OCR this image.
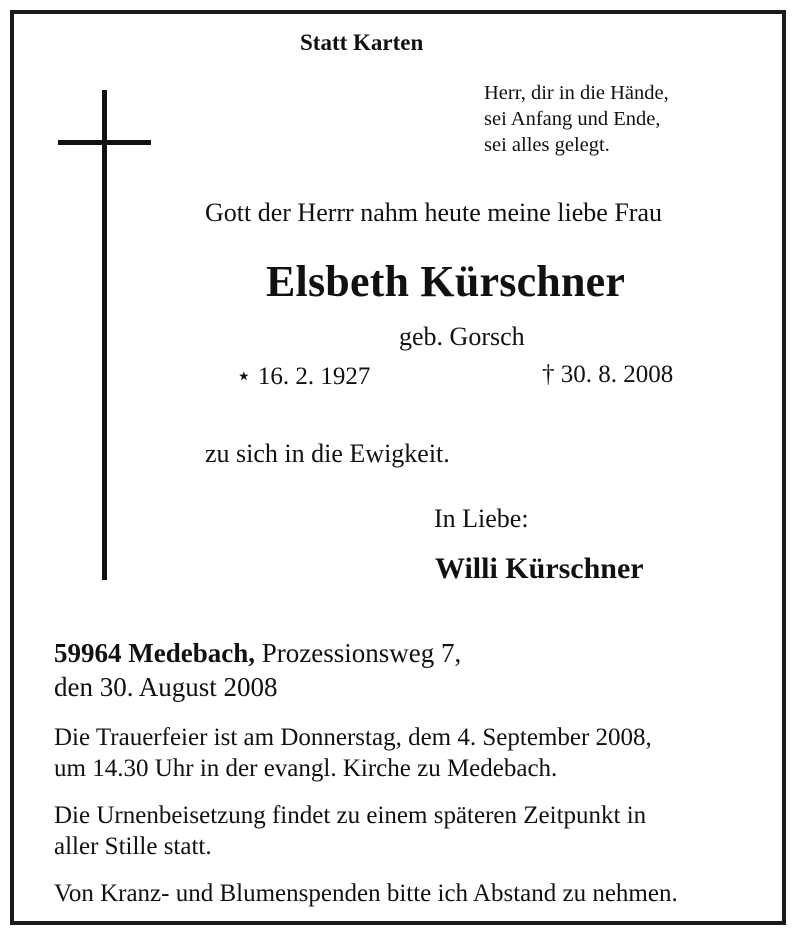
Statt Karten
Herr, dir in die Hände,
sei Anfang und Ende,
sei alles gelegt.
Gott der Herrr nahm heute meine liebe Frau
Elsbeth Kürschner
geb. Gorsch
⋆ 16. 2. 1927	† 30. 8. 2008
zu sich in die Ewigkeit.
In Liebe:
Willi Kürschner
59964 Medebach, Prozessionsweg 7,
den 30. August 2008
Die Trauerfeier ist am Donnerstag, dem 4. September 2008,
um 14.30 Uhr in der evangl. Kirche zu Medebach.
Die Urnenbeisetzung findet zu einem späteren Zeitpunkt in
aller Stille statt.
Von Kranz- und Blumenspenden bitte ich Abstand zu nehmen.
